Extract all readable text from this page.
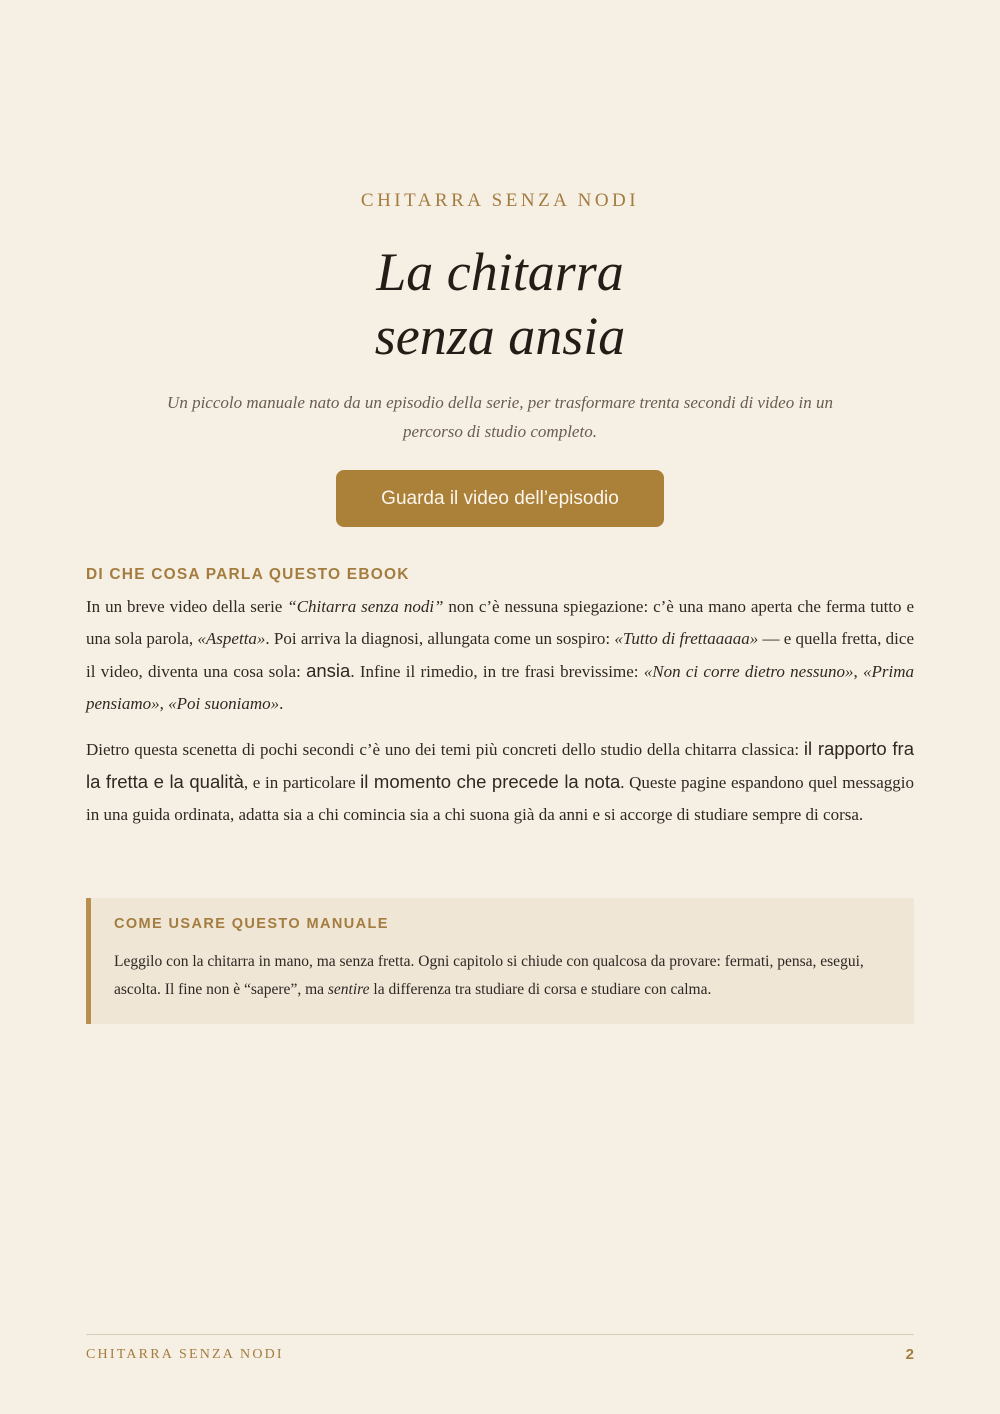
CHITARRA SENZA NODI
La chitarra
senza ansia
Un piccolo manuale nato da un episodio della serie, per trasformare trenta secondi di video in un percorso di studio completo.
Guarda il video dell’episodio
DI CHE COSA PARLA QUESTO EBOOK
In un breve video della serie “Chitarra senza nodi” non c’è nessuna spiegazione: c’è una mano aperta che ferma tutto e una sola parola, «Aspetta». Poi arriva la diagnosi, allungata come un sospiro: «Tutto di frettaaaaa» — e quella fretta, dice il video, diventa una cosa sola: ansia. Infine il rimedio, in tre frasi brevissime: «Non ci corre dietro nessuno», «Prima pensiamo», «Poi suoniamo».
Dietro questa scenetta di pochi secondi c’è uno dei temi più concreti dello studio della chitarra classica: il rapporto fra la fretta e la qualità, e in particolare il momento che precede la nota. Queste pagine espandono quel messaggio in una guida ordinata, adatta sia a chi comincia sia a chi suona già da anni e si accorge di studiare sempre di corsa.
COME USARE QUESTO MANUALE
Leggilo con la chitarra in mano, ma senza fretta. Ogni capitolo si chiude con qualcosa da provare: fermati, pensa, esegui, ascolta. Il fine non è “sapere”, ma sentire la differenza tra studiare di corsa e studiare con calma.
CHITARRA SENZA NODI	2
